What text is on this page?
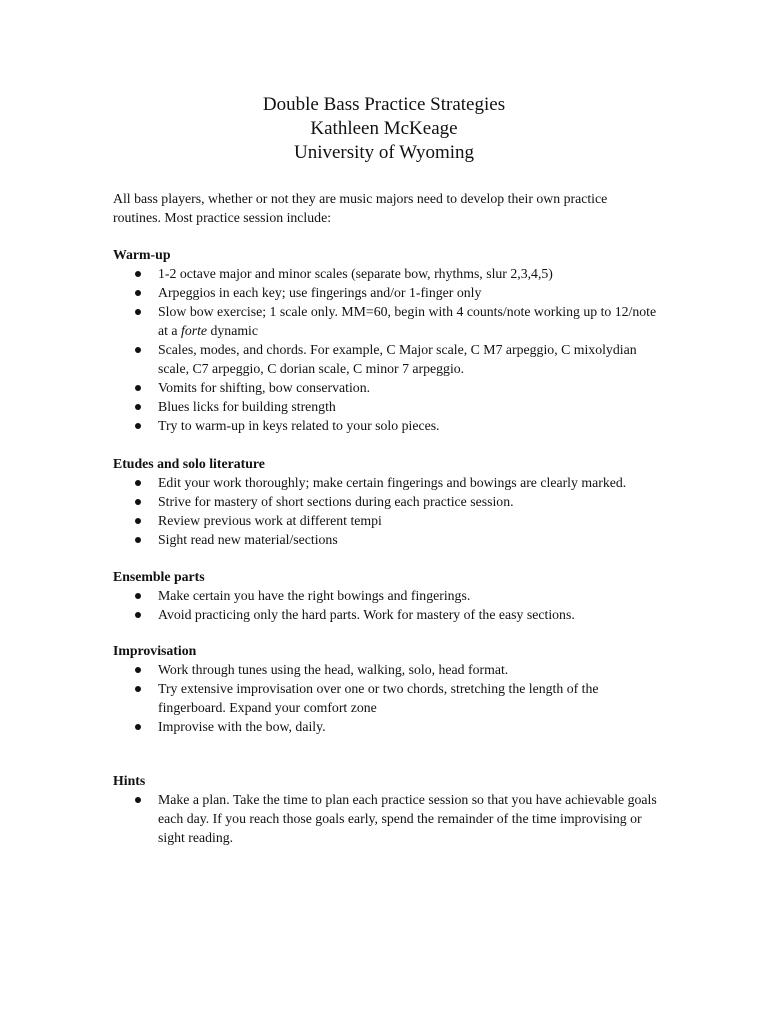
Double Bass Practice Strategies
Kathleen McKeage
University of Wyoming

All bass players, whether or not they are music majors need to develop their own practice routines. Most practice session include:

Warm-up

1-2 octave major and minor scales (separate bow, rhythms, slur 2,3,4,5)
Arpeggios in each key; use fingerings and/or 1-finger only
Slow bow exercise; 1 scale only. MM=60, begin with 4 counts/note working up to 12/note at a forte dynamic
Scales, modes, and chords. For example, C Major scale, C M7 arpeggio, C mixolydian scale, C7 arpeggio, C dorian scale, C minor 7 arpeggio.
Vomits for shifting, bow conservation.
Blues licks for building strength
Try to warm-up in keys related to your solo pieces.

Etudes and solo literature

Edit your work thoroughly; make certain fingerings and bowings are clearly marked.
Strive for mastery of short sections during each practice session.
Review previous work at different tempi
Sight read new material/sections

Ensemble parts

Make certain you have the right bowings and fingerings.
Avoid practicing only the hard parts. Work for mastery of the easy sections.

Improvisation

Work through tunes using the head, walking, solo, head format.
Try extensive improvisation over one or two chords, stretching the length of the fingerboard. Expand your comfort zone
Improvise with the bow, daily.

Hints

Make a plan. Take the time to plan each practice session so that you have achievable goals each day. If you reach those goals early, spend the remainder of the time improvising or sight reading.
